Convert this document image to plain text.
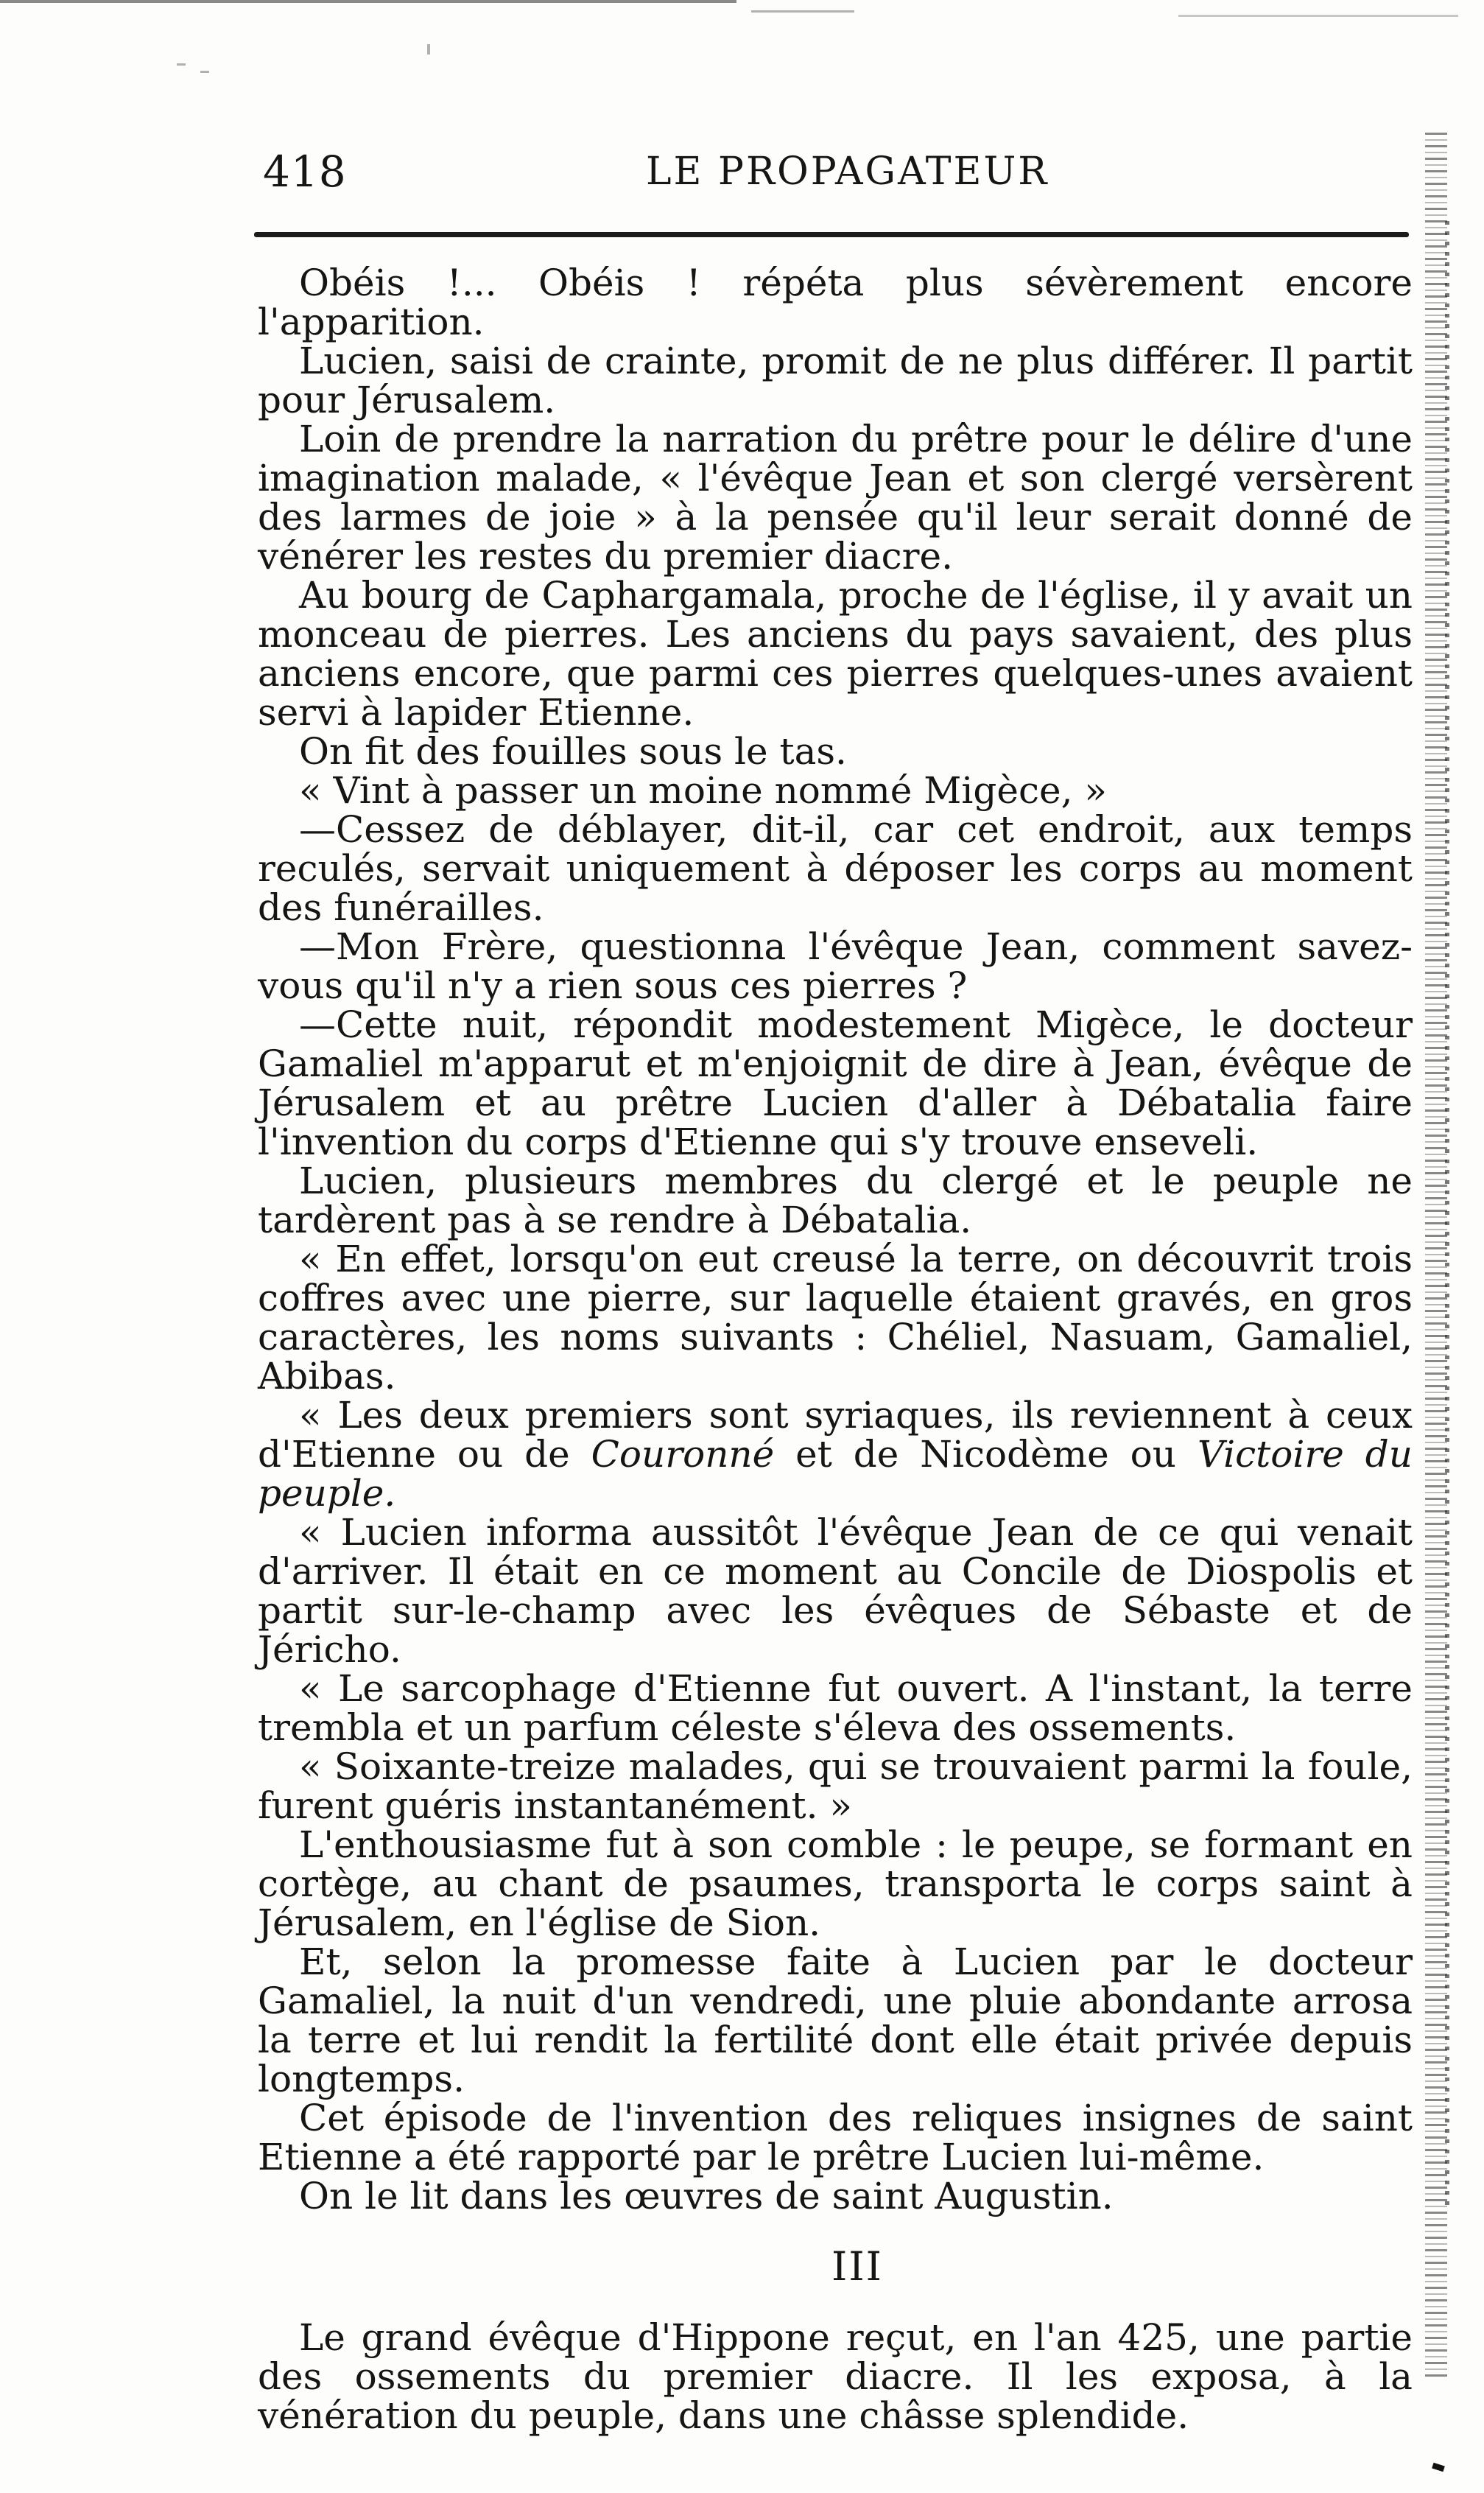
418	LE PROPAGATEUR

Obéis !... Obéis ! répéta plus sévèrement encore l'apparition.

Lucien, saisi de crainte, promit de ne plus différer. Il partit pour Jérusalem.

Loin de prendre la narration du prêtre pour le délire d'une imagination malade, « l'évêque Jean et son clergé versèrent des larmes de joie » à la pensée qu'il leur serait donné de vénérer les restes du premier diacre.

Au bourg de Caphargamala, proche de l'église, il y avait un monceau de pierres. Les anciens du pays savaient, des plus anciens encore, que parmi ces pierres quelques-unes avaient servi à lapider Etienne.

On fit des fouilles sous le tas.

« Vint à passer un moine nommé Migèce, »

—Cessez de déblayer, dit-il, car cet endroit, aux temps reculés, servait uniquement à déposer les corps au moment des funérailles.

—Mon Frère, questionna l'évêque Jean, comment savez-vous qu'il n'y a rien sous ces pierres ?

—Cette nuit, répondit modestement Migèce, le docteur Gamaliel m'apparut et m'enjoignit de dire à Jean, évêque de Jérusalem et au prêtre Lucien d'aller à Débatalia faire l'invention du corps d'Etienne qui s'y trouve enseveli.

Lucien, plusieurs membres du clergé et le peuple ne tardèrent pas à se rendre à Débatalia.

« En effet, lorsqu'on eut creusé la terre, on découvrit trois coffres avec une pierre, sur laquelle étaient gravés, en gros caractères, les noms suivants : Chéliel, Nasuam, Gamaliel, Abibas.

« Les deux premiers sont syriaques, ils reviennent à ceux d'Etienne ou de Couronné et de Nicodème ou Victoire du peuple.

« Lucien informa aussitôt l'évêque Jean de ce qui venait d'arriver. Il était en ce moment au Concile de Diospolis et partit sur-le-champ avec les évêques de Sébaste et de Jéricho.

« Le sarcophage d'Etienne fut ouvert. A l'instant, la terre trembla et un parfum céleste s'éleva des ossements.

« Soixante-treize malades, qui se trouvaient parmi la foule, furent guéris instantanément. »

L'enthousiasme fut à son comble : le peupe, se formant en cortège, au chant de psaumes, transporta le corps saint à Jérusalem, en l'église de Sion.

Et, selon la promesse faite à Lucien par le docteur Gamaliel, la nuit d'un vendredi, une pluie abondante arrosa la terre et lui rendit la fertilité dont elle était privée depuis longtemps.

Cet épisode de l'invention des reliques insignes de saint Etienne a été rapporté par le prêtre Lucien lui-même.

On le lit dans les œuvres de saint Augustin.

III

Le grand évêque d'Hippone reçut, en l'an 425, une partie des ossements du premier diacre. Il les exposa, à la vénération du peuple, dans une châsse splendide.
